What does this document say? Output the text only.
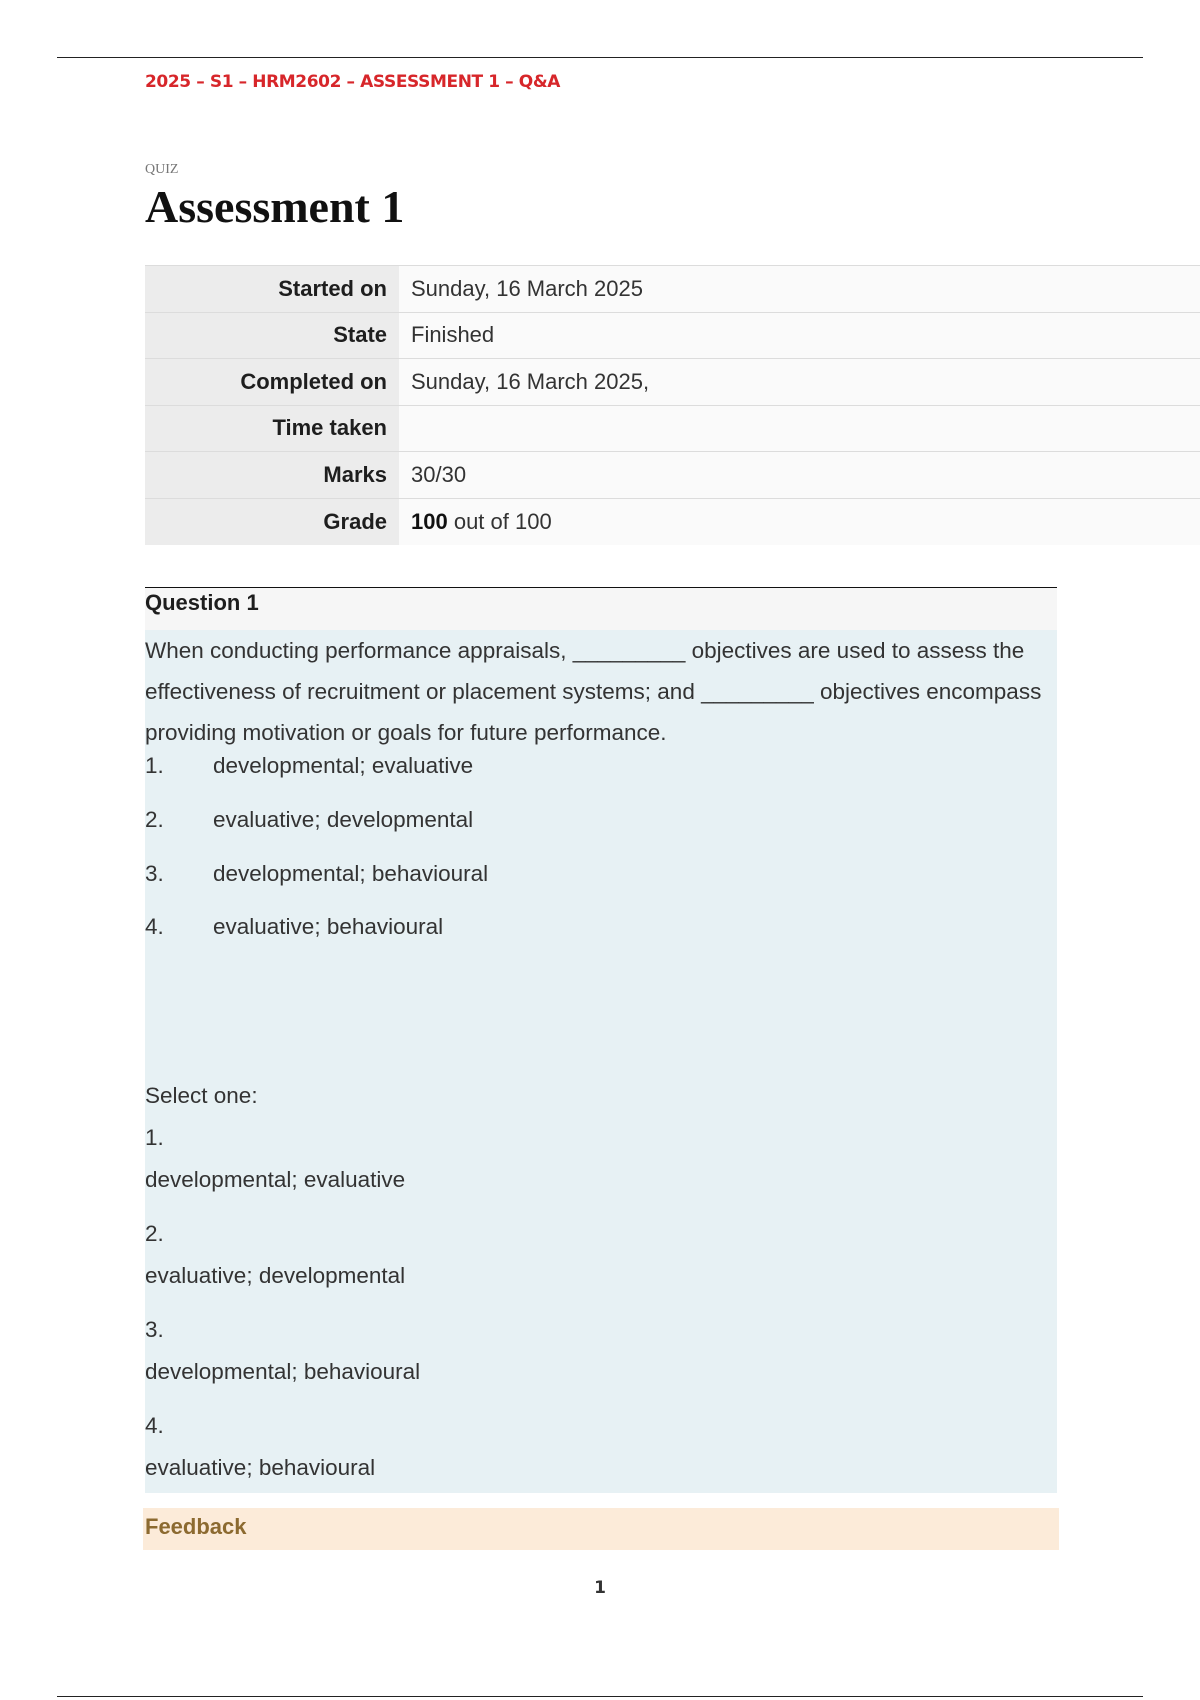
2025 – S1 – HRM2602 – ASSESSMENT 1 – Q&A
QUIZ
Assessment 1
Started on	Sunday, 16 March 2025
State	Finished
Completed on	Sunday, 16 March 2025,
Time taken	
Marks	30/30
Grade	100 out of 100
Question 1

When conducting performance appraisals, _________ objectives are used to assess the effectiveness of recruitment or placement systems; and _________ objectives encompass providing motivation or goals for future performance.

1. developmental; evaluative
2. evaluative; developmental
3. developmental; behavioural
4. evaluative; behavioural
Select one:
1.
developmental; evaluative
2.
evaluative; developmental
3.
developmental; behavioural
4.
evaluative; behavioural
Feedback
1
